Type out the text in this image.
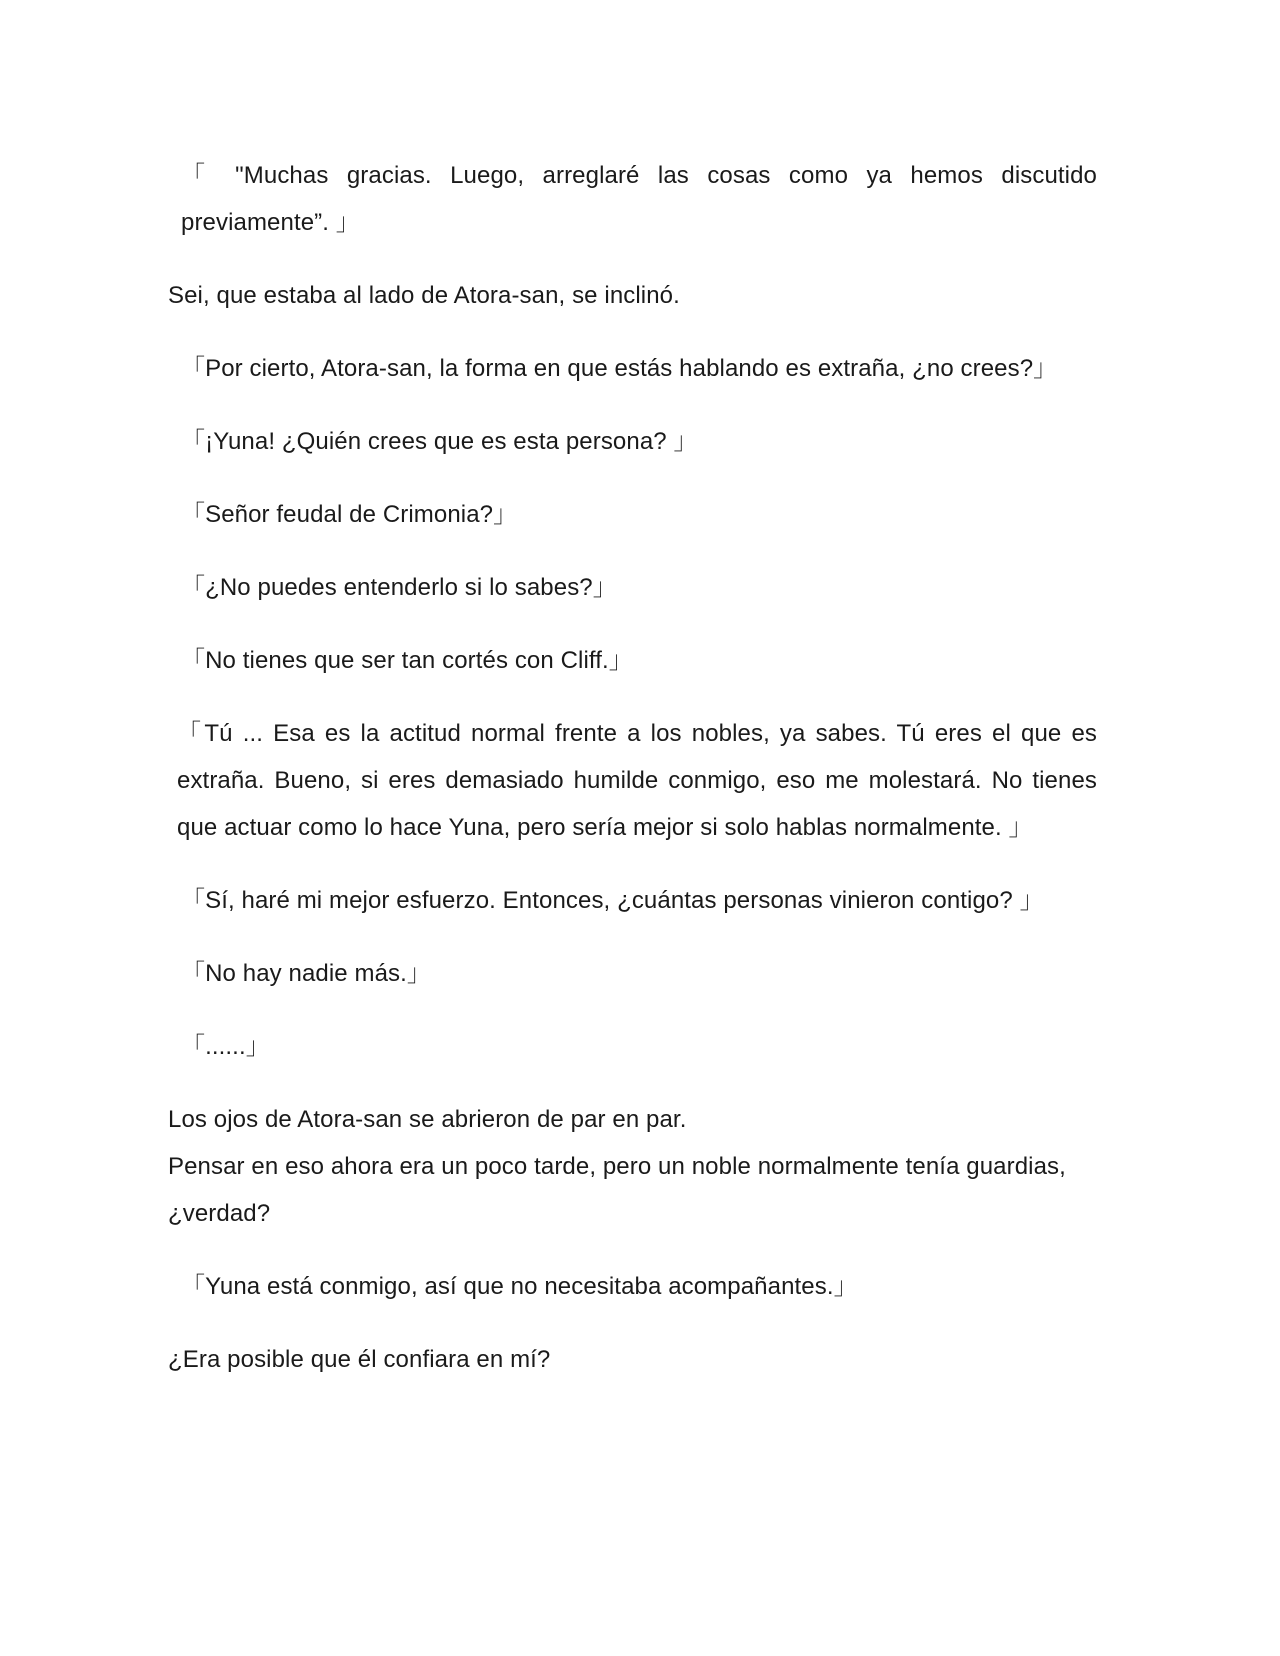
「 "Muchas gracias. Luego, arreglaré las cosas como ya hemos discutido previamente”. 」

Sei, que estaba al lado de Atora-san, se inclinó.

「Por cierto, Atora-san, la forma en que estás hablando es extraña, ¿no crees?」

「¡Yuna! ¿Quién crees que es esta persona? 」

「Señor feudal de Crimonia?」

「¿No puedes entenderlo si lo sabes?」

「No tienes que ser tan cortés con Cliff.」

「Tú ... Esa es la actitud normal frente a los nobles, ya sabes. Tú eres el que es extraña. Bueno, si eres demasiado humilde conmigo, eso me molestará. No tienes que actuar como lo hace Yuna, pero sería mejor si solo hablas normalmente. 」

「Sí, haré mi mejor esfuerzo. Entonces, ¿cuántas personas vinieron contigo? 」

「No hay nadie más.」

「......」

Los ojos de Atora-san se abrieron de par en par.

Pensar en eso ahora era un poco tarde, pero un noble normalmente tenía guardias, ¿verdad?

「Yuna está conmigo, así que no necesitaba acompañantes.」

¿Era posible que él confiara en mí?
